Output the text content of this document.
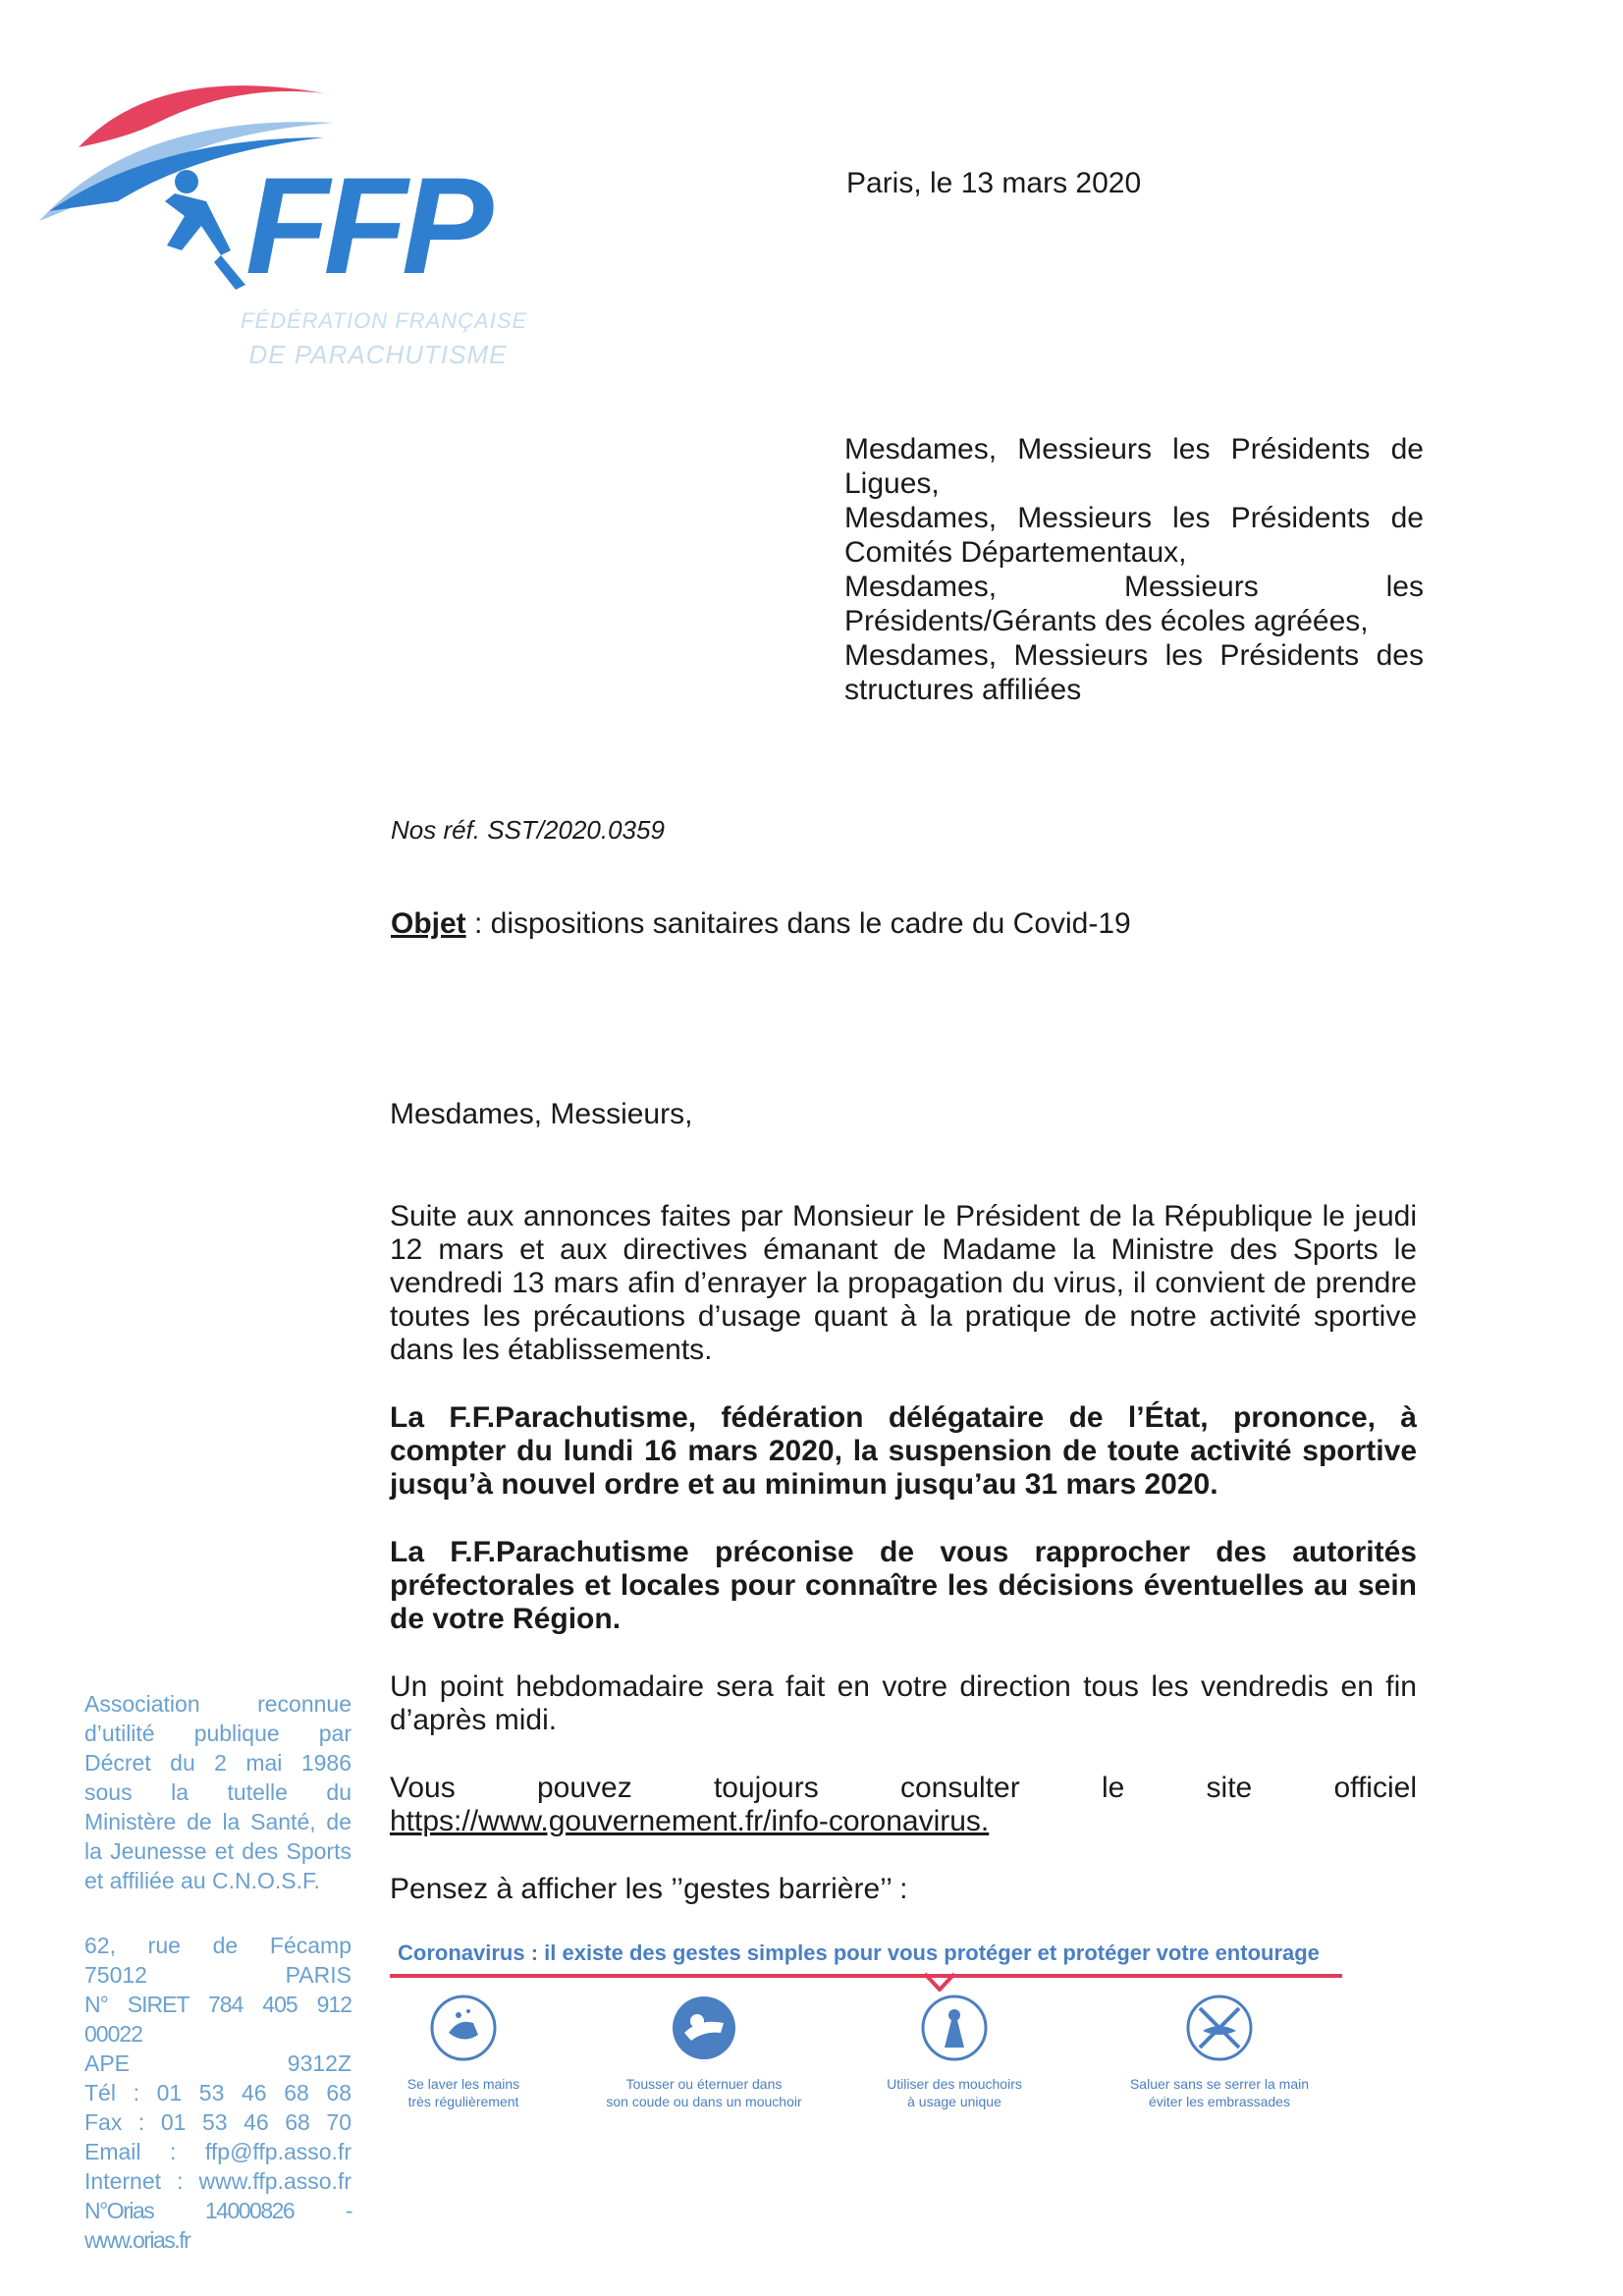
FFP
FÉDÉRATION FRANÇAISE
DE PARACHUTISME
Paris, le 13 mars 2020

Mesdames, Messieurs les Présidents de Ligues,

Mesdames, Messieurs les Présidents de Comités Départementaux,

Mesdames, Messieurs les Présidents/Gérants des écoles agréées,

Mesdames, Messieurs les Présidents des structures affiliées

Nos réf. SST/2020.0359
Objet : dispositions sanitaires dans le cadre du Covid-19

Mesdames, Messieurs,

Suite aux annonces faites par Monsieur le Président de la République le jeudi 12 mars et aux directives émanant de Madame la Ministre des Sports le vendredi 13 mars afin d’enrayer la propagation du virus, il convient de prendre toutes les précautions d’usage quant à la pratique de notre activité sportive dans les établissements.

La F.F.Parachutisme, fédération délégataire de l’État, prononce, à compter du lundi 16 mars 2020, la suspension de toute activité sportive jusqu’à nouvel ordre et au minimun jusqu’au 31 mars 2020.

La F.F.Parachutisme préconise de vous rapprocher des autorités préfectorales et locales pour connaître les décisions éventuelles au sein de votre Région.

Un point hebdomadaire sera fait en votre direction tous les vendredis en fin d’après midi.

Vous pouvez toujours consulter le site officiel https://www.gouvernement.fr/info-coronavirus.

Pensez à afficher les ’’gestes barrière’’ :

Association reconnue d’utilité publique par Décret du 2 mai 1986 sous la tutelle du Ministère de la Santé, de la Jeunesse et des Sports et affiliée au C.N.O.S.F.

62, rue de Fécamp

75012 PARIS

N° SIRET 784 405 912 00022

APE 9312Z

Tél : 01 53 46 68 68

Fax : 01 53 46 68 70

Email : ffp@ffp.asso.fr

Internet : www.ffp.asso.fr

N°Orias 14000826 - www.orias.fr

Coronavirus : il existe des gestes simples pour vous protéger et protéger votre entourage
Se laver les mains
très régulièrement
Tousser ou éternuer dans
son coude ou dans un mouchoir
Utiliser des mouchoirs
à usage unique
Saluer sans se serrer la main
éviter les embrassades
